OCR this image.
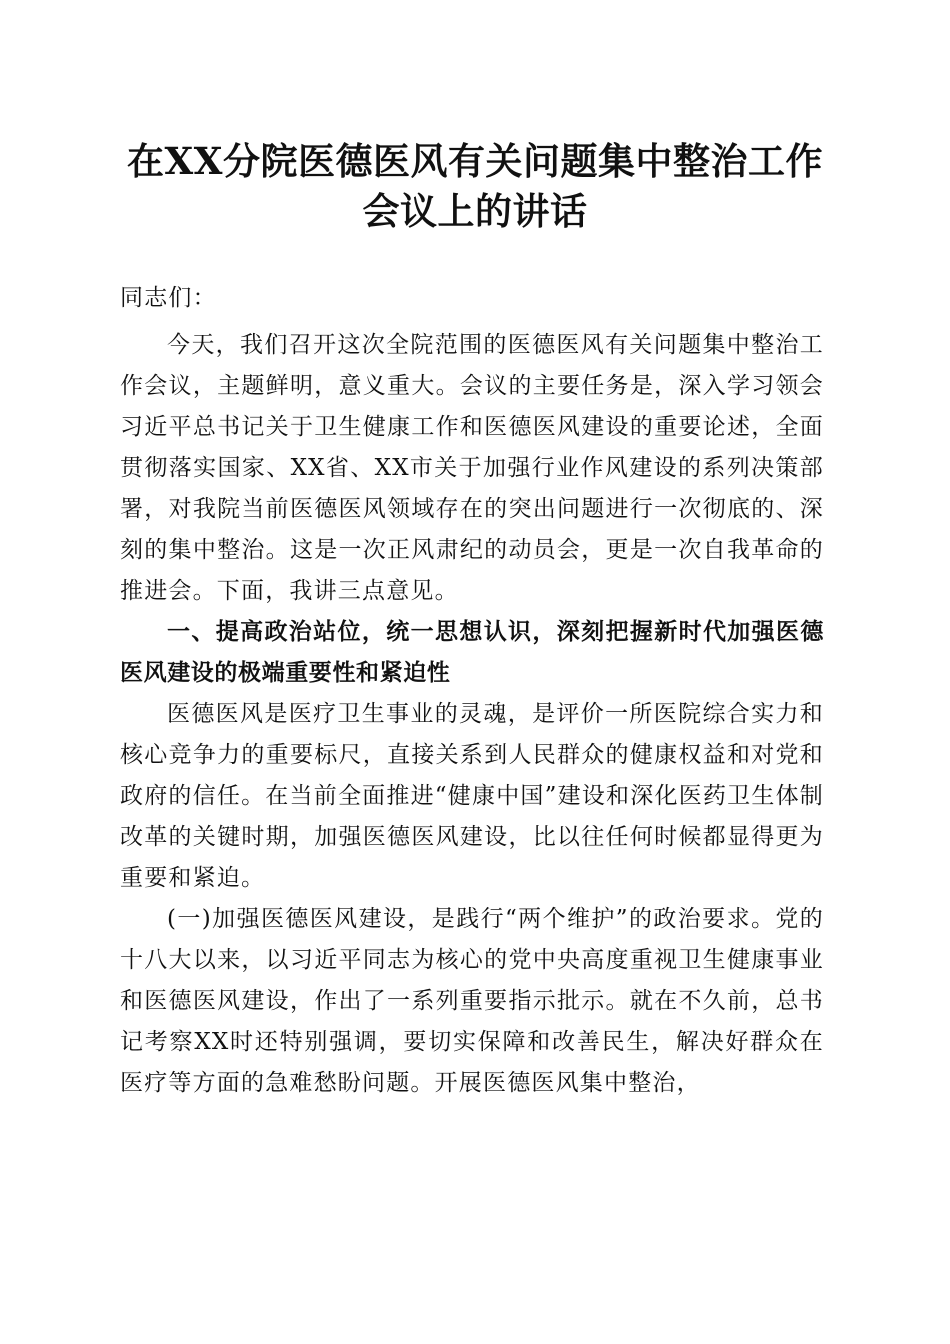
在XX分院医德医风有关问题集中整治工作会议上的讲话

同志们：

今天，我们召开这次全院范围的医德医风有关问题集中整治工作会议，主题鲜明，意义重大。会议的主要任务是，深入学习领会习近平总书记关于卫生健康工作和医德医风建设的重要论述，全面贯彻落实国家、XX省、XX市关于加强行业作风建设的系列决策部署，对我院当前医德医风领域存在的突出问题进行一次彻底的、深刻的集中整治。这是一次正风肃纪的动员会，更是一次自我革命的推进会。下面，我讲三点意见。

一、提高政治站位，统一思想认识，深刻把握新时代加强医德医风建设的极端重要性和紧迫性

医德医风是医疗卫生事业的灵魂，是评价一所医院综合实力和核心竞争力的重要标尺，直接关系到人民群众的健康权益和对党和政府的信任。在当前全面推进“健康中国”建设和深化医药卫生体制改革的关键时期，加强医德医风建设，比以往任何时候都显得更为重要和紧迫。

(一)加强医德医风建设，是践行“两个维护”的政治要求。党的十八大以来，以习近平同志为核心的党中央高度重视卫生健康事业和医德医风建设，作出了一系列重要指示批示。就在不久前，总书记考察XX时还特别强调，要切实保障和改善民生，解决好群众在医疗等方面的急难愁盼问题。开展医德医风集中整治，
